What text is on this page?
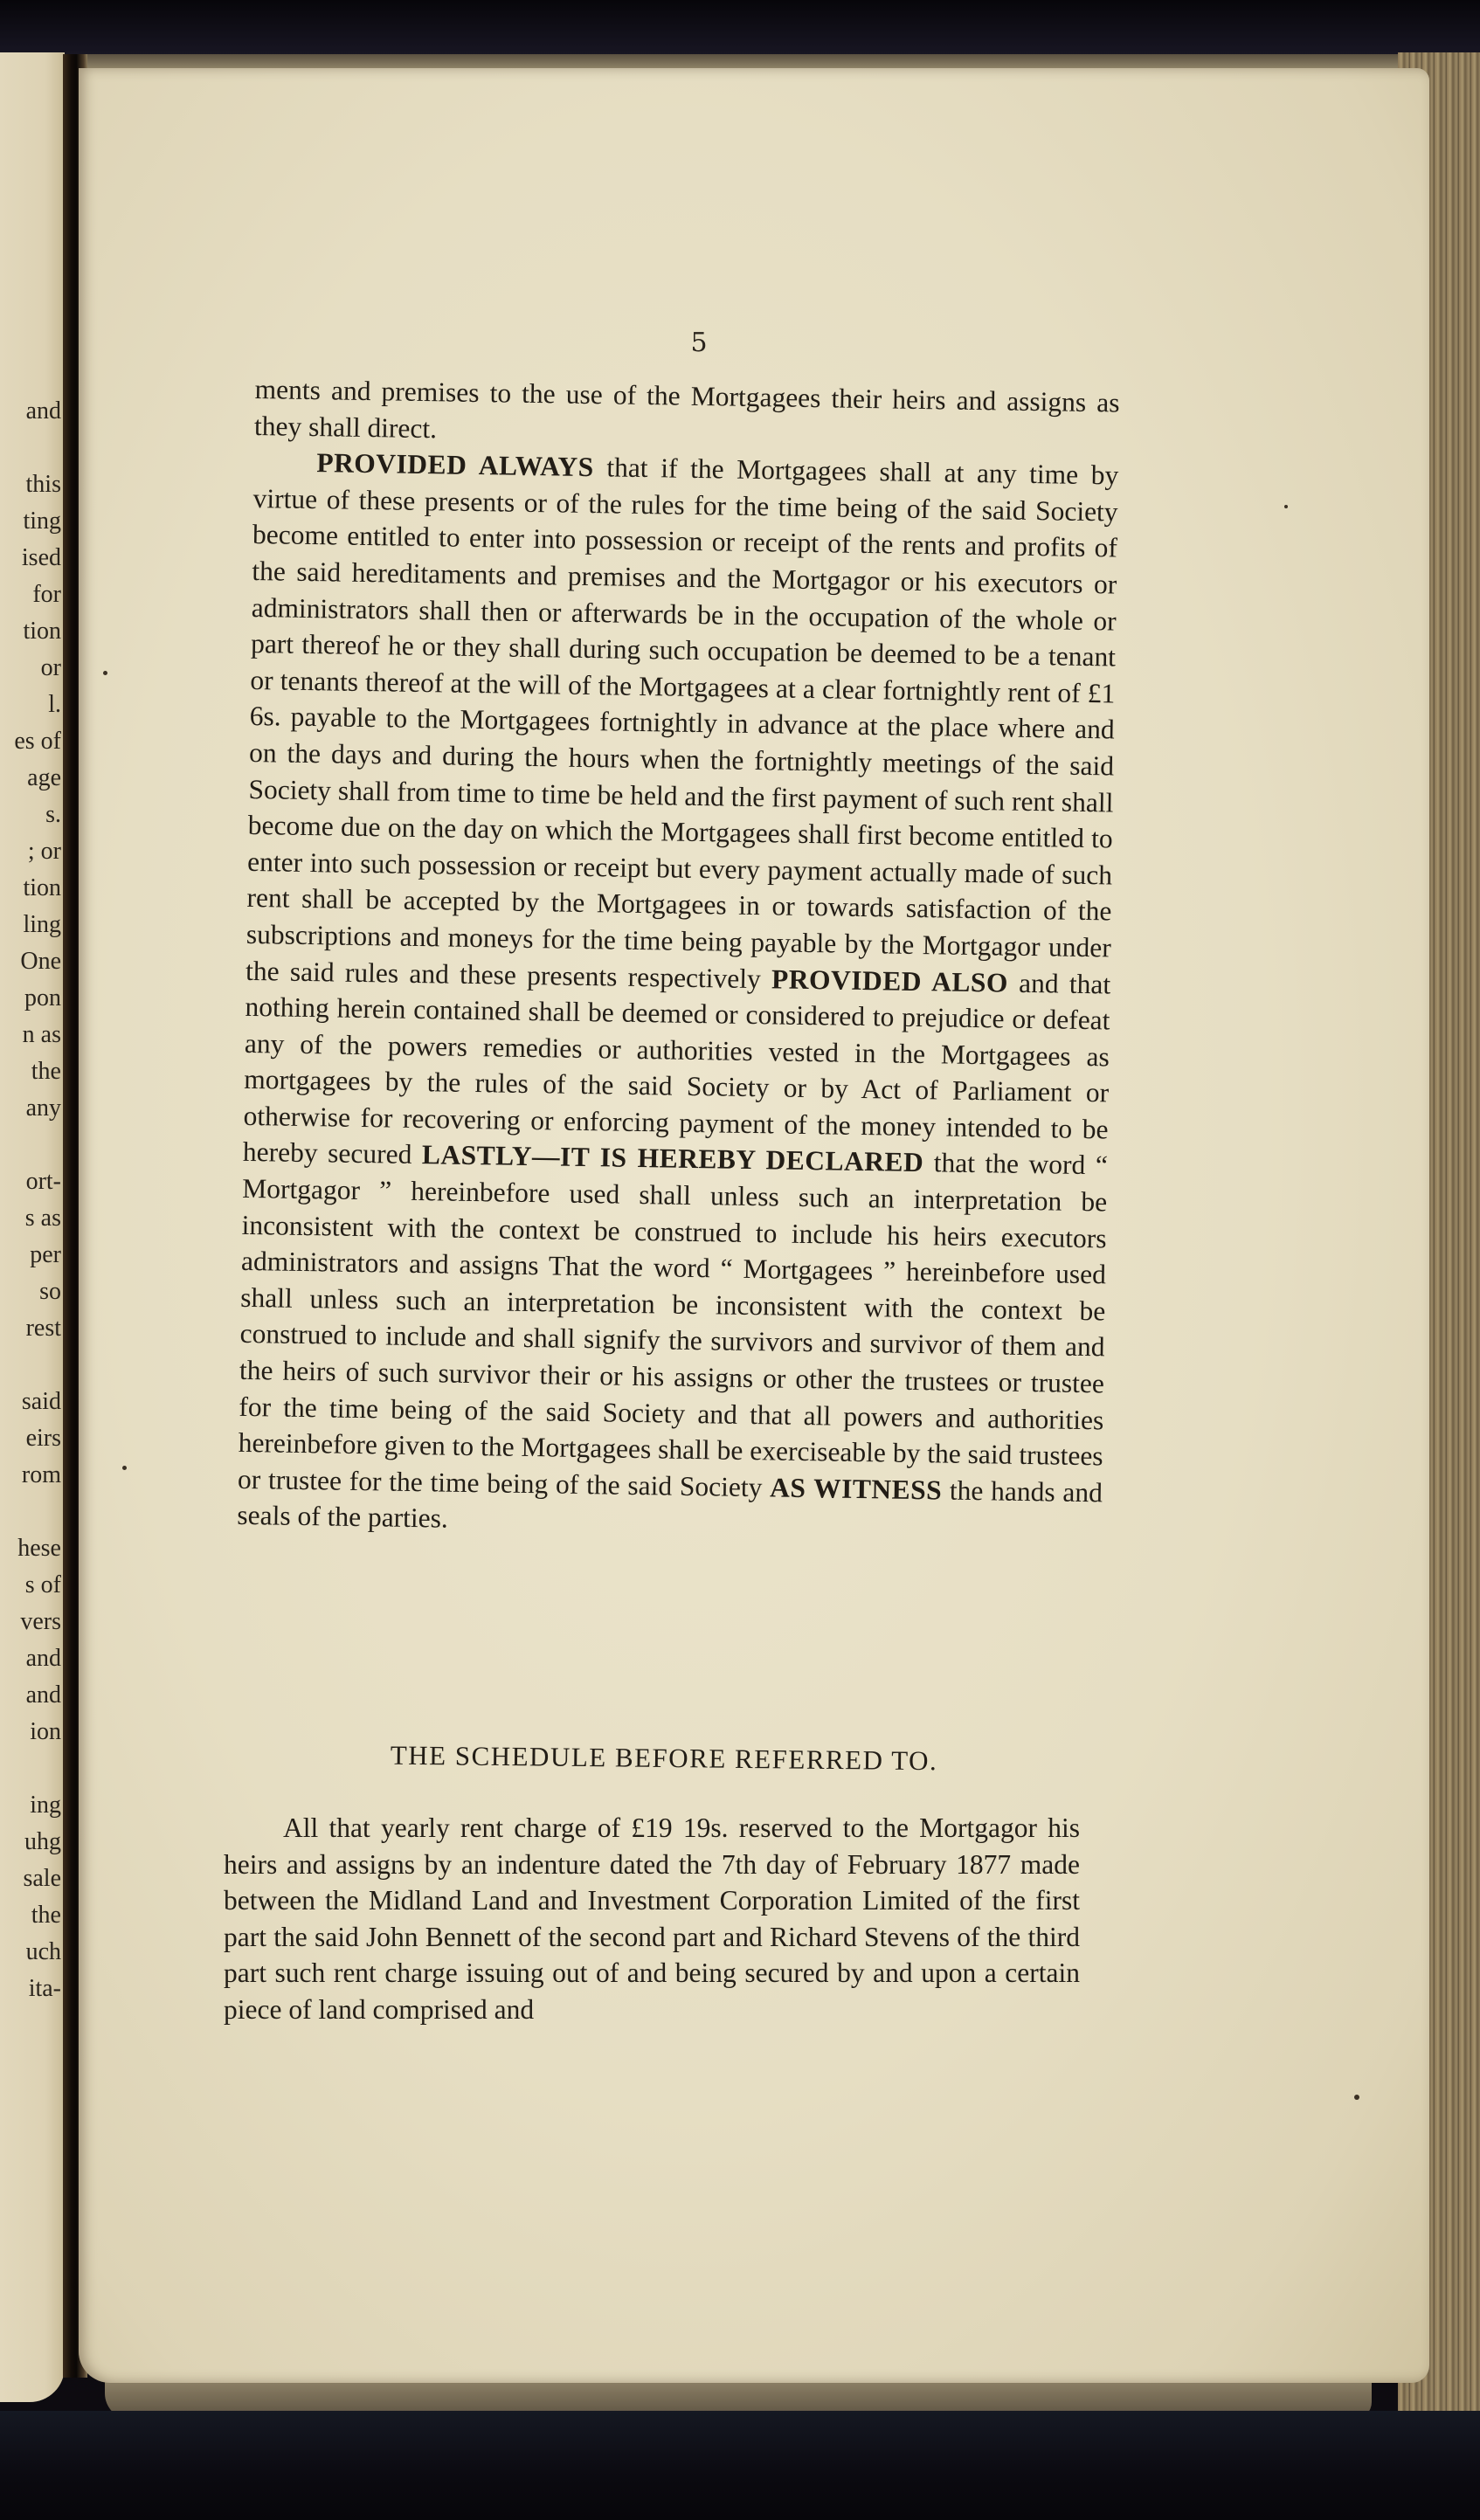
and
this
ting
ised
for
tion
or
l.
es of
age
s.
; or
tion
ling
One
pon
n as
the
any
ort-
s as
per
so
rest
said
eirs
rom
hese
s of
vers
and
and
ion
ing
uhg
sale
the
uch
ita-
5

ments and premises to the use of the Mortgagees their heirs and assigns as they shall direct.

PROVIDED ALWAYS that if the Mortgagees shall at any time by virtue of these presents or of the rules for the time being of the said Society become entitled to enter into possession or receipt of the rents and profits of the said hereditaments and premises and the Mortgagor or his executors or administrators shall then or afterwards be in the occupation of the whole or part thereof he or they shall during such occupation be deemed to be a tenant or tenants thereof at the will of the Mortgagees at a clear fortnightly rent of £1 6s. payable to the Mortgagees fortnightly in advance at the place where and on the days and during the hours when the fortnightly meetings of the said Society shall from time to time be held and the first payment of such rent shall become due on the day on which the Mortgagees shall first become entitled to enter into such possession or receipt but every payment actually made of such rent shall be accepted by the Mortgagees in or towards satisfaction of the subscriptions and moneys for the time being payable by the Mortgagor under the said rules and these presents respectively PROVIDED ALSO and that nothing herein contained shall be deemed or considered to prejudice or defeat any of the powers remedies or authorities vested in the Mortgagees as mortgagees by the rules of the said Society or by Act of Parliament or otherwise for recovering or enforcing payment of the money intended to be hereby secured LASTLY—IT IS HEREBY DECLARED that the word “ Mortgagor ” hereinbefore used shall unless such an interpretation be inconsistent with the context be construed to include his heirs executors administrators and assigns That the word “ Mortgagees ” hereinbefore used shall unless such an interpretation be inconsistent with the context be construed to include and shall signify the survivors and survivor of them and the heirs of such survivor their or his assigns or other the trustees or trustee for the time being of the said Society and that all powers and authorities hereinbefore given to the Mortgagees shall be exerciseable by the said trustees or trustee for the time being of the said Society AS WITNESS the hands and seals of the parties.

THE SCHEDULE BEFORE REFERRED TO.
All that yearly rent charge of £19 19s. reserved to the Mortgagor his heirs and assigns by an indenture dated the 7th day of February 1877 made between the Midland Land and Investment Corporation Limited of the first part the said John Bennett of the second part and Richard Stevens of the third part such rent charge issuing out of and being secured by and upon a certain piece of land comprised and
